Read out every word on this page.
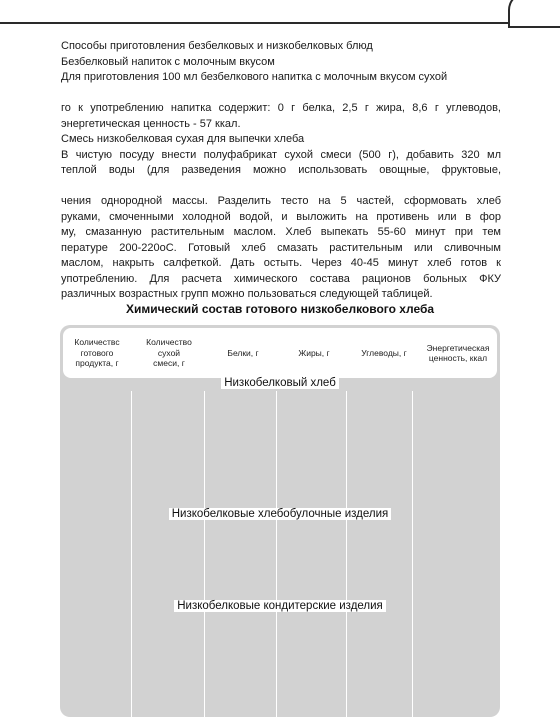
Способы приготовления безбелковых и низкобелковых блюд

Безбелковый напиток с молочным вкусом

Для приготовления 100 мл безбелкового напитка с молочным вкусом сухой

го к употреблению напитка содержит: 0 г белка, 2,5 г жира, 8,6 г углеводов,

энергетическая ценность - 57 ккал.

Смесь низкобелковая сухая для выпечки хлеба

В чистую посуду внести полуфабрикат сухой смеси (500 г), добавить 320 мл

теплой воды (для разведения можно использовать овощные, фруктовые,

чения однородной массы. Разделить тесто на 5 частей, сформовать хлеб

руками, смоченными холодной водой, и выложить на противень или в фор

му, смазанную растительным маслом. Хлеб выпекать 55-60 минут при тем

пературе 200-220оС. Готовый хлеб смазать растительным или сливочным

маслом, накрыть салфеткой. Дать остыть. Через 40-45 минут хлеб готов к

употреблению. Для расчета химического состава рационов больных ФКУ

различных возрастных групп можно пользоваться следующей таблицей.

Химический состав готового низкобелкового хлеба
Количествс
готового
продукта, г
Количество
сухой
смеси, г
Белки, г	Жиры, г	Углеводы, г
Энергетическая
ценность, ккал
Низкобелковый хлеб
Низкобелковые хлебобулочные изделия
Низкобелковые кондитерские изделия
